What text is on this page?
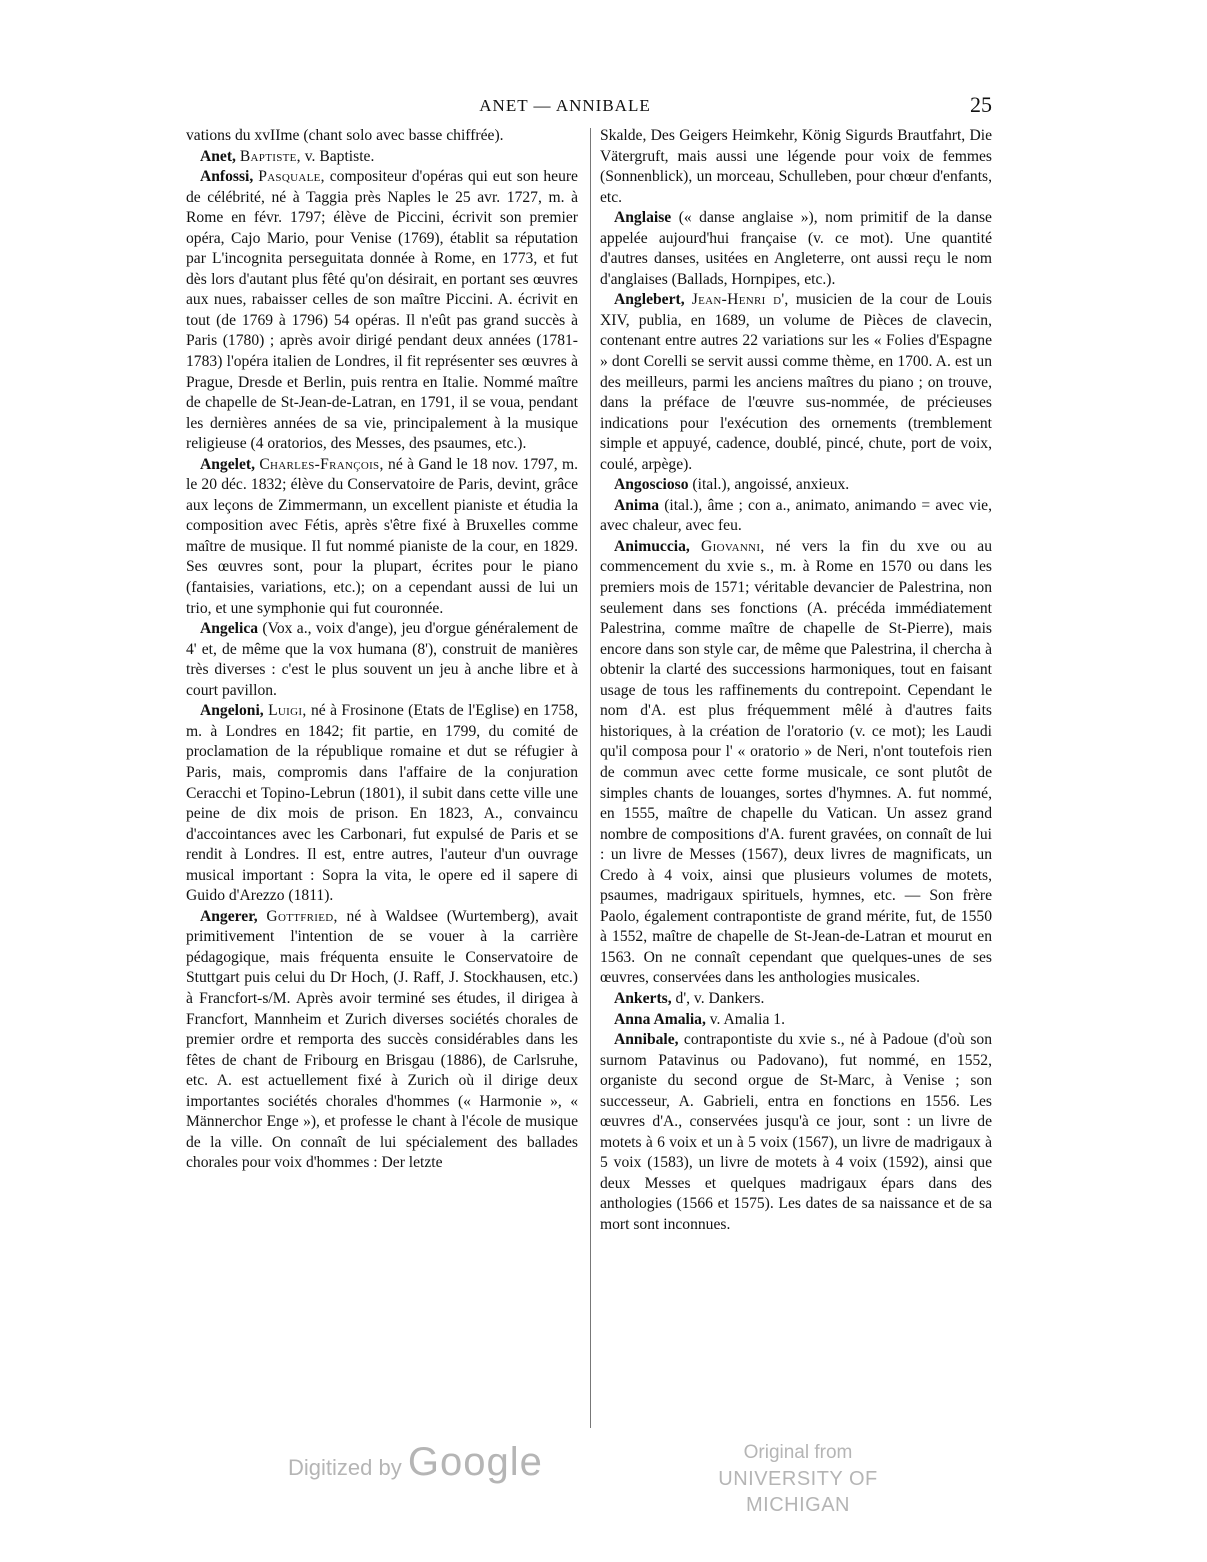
ANET — ANNIBALE	25

vations du xvIIme (chant solo avec basse chiffrée).

Anet, Baptiste, v. Baptiste.

Anfossi, Pasquale, compositeur d'opéras qui eut son heure de célébrité, né à Taggia près Naples le 25 avr. 1727, m. à Rome en févr. 1797; élève de Piccini, écrivit son premier opéra, Cajo Mario, pour Venise (1769), établit sa réputation par L'incognita perseguitata donnée à Rome, en 1773, et fut dès lors d'autant plus fêté qu'on désirait, en portant ses œuvres aux nues, rabaisser celles de son maître Piccini. A. écrivit en tout (de 1769 à 1796) 54 opéras. Il n'eût pas grand succès à Paris (1780) ; après avoir dirigé pendant deux années (1781-1783) l'opéra italien de Londres, il fit représenter ses œuvres à Prague, Dresde et Berlin, puis rentra en Italie. Nommé maître de chapelle de St-Jean-de-Latran, en 1791, il se voua, pendant les dernières années de sa vie, principalement à la musique religieuse (4 oratorios, des Messes, des psaumes, etc.).

Angelet, Charles-François, né à Gand le 18 nov. 1797, m. le 20 déc. 1832; élève du Conservatoire de Paris, devint, grâce aux leçons de Zimmermann, un excellent pianiste et étudia la composition avec Fétis, après s'être fixé à Bruxelles comme maître de musique. Il fut nommé pianiste de la cour, en 1829. Ses œuvres sont, pour la plupart, écrites pour le piano (fantaisies, variations, etc.); on a cependant aussi de lui un trio, et une symphonie qui fut couronnée.

Angelica (Vox a., voix d'ange), jeu d'orgue généralement de 4' et, de même que la vox humana (8'), construit de manières très diverses : c'est le plus souvent un jeu à anche libre et à court pavillon.

Angeloni, Luigi, né à Frosinone (Etats de l'Eglise) en 1758, m. à Londres en 1842; fit partie, en 1799, du comité de proclamation de la république romaine et dut se réfugier à Paris, mais, compromis dans l'affaire de la conjuration Ceracchi et Topino-Lebrun (1801), il subit dans cette ville une peine de dix mois de prison. En 1823, A., convaincu d'accointances avec les Carbonari, fut expulsé de Paris et se rendit à Londres. Il est, entre autres, l'auteur d'un ouvrage musical important : Sopra la vita, le opere ed il sapere di Guido d'Arezzo (1811).

Angerer, Gottfried, né à Waldsee (Wurtemberg), avait primitivement l'intention de se vouer à la carrière pédagogique, mais fréquenta ensuite le Conservatoire de Stuttgart puis celui du Dr Hoch, (J. Raff, J. Stockhausen, etc.) à Francfort-s/M. Après avoir terminé ses études, il dirigea à Francfort, Mannheim et Zurich diverses sociétés chorales de premier ordre et remporta des succès considérables dans les fêtes de chant de Fribourg en Brisgau (1886), de Carlsruhe, etc. A. est actuellement fixé à Zurich où il dirige deux importantes sociétés chorales d'hommes (« Harmonie », « Männerchor Enge »), et professe le chant à l'école de musique de la ville. On connaît de lui spécialement des ballades chorales pour voix d'hommes : Der letzte

Skalde, Des Geigers Heimkehr, König Sigurds Brautfahrt, Die Vätergruft, mais aussi une légende pour voix de femmes (Sonnenblick), un morceau, Schulleben, pour chœur d'enfants, etc.

Anglaise (« danse anglaise »), nom primitif de la danse appelée aujourd'hui française (v. ce mot). Une quantité d'autres danses, usitées en Angleterre, ont aussi reçu le nom d'anglaises (Ballads, Hornpipes, etc.).

Anglebert, Jean-Henri d', musicien de la cour de Louis XIV, publia, en 1689, un volume de Pièces de clavecin, contenant entre autres 22 variations sur les « Folies d'Espagne » dont Corelli se servit aussi comme thème, en 1700. A. est un des meilleurs, parmi les anciens maîtres du piano ; on trouve, dans la préface de l'œuvre sus-nommée, de précieuses indications pour l'exécution des ornements (tremblement simple et appuyé, cadence, doublé, pincé, chute, port de voix, coulé, arpège).

Angoscioso (ital.), angoissé, anxieux.

Anima (ital.), âme ; con a., animato, animando = avec vie, avec chaleur, avec feu.

Animuccia, Giovanni, né vers la fin du xve ou au commencement du xvie s., m. à Rome en 1570 ou dans les premiers mois de 1571; véritable devancier de Palestrina, non seulement dans ses fonctions (A. précéda immédiatement Palestrina, comme maître de chapelle de St-Pierre), mais encore dans son style car, de même que Palestrina, il chercha à obtenir la clarté des successions harmoniques, tout en faisant usage de tous les raffinements du contrepoint. Cependant le nom d'A. est plus fréquemment mêlé à d'autres faits historiques, à la création de l'oratorio (v. ce mot); les Laudi qu'il composa pour l' « oratorio » de Neri, n'ont toutefois rien de commun avec cette forme musicale, ce sont plutôt de simples chants de louanges, sortes d'hymnes. A. fut nommé, en 1555, maître de chapelle du Vatican. Un assez grand nombre de compositions d'A. furent gravées, on connaît de lui : un livre de Messes (1567), deux livres de magnificats, un Credo à 4 voix, ainsi que plusieurs volumes de motets, psaumes, madrigaux spirituels, hymnes, etc. — Son frère Paolo, également contrapontiste de grand mérite, fut, de 1550 à 1552, maître de chapelle de St-Jean-de-Latran et mourut en 1563. On ne connaît cependant que quelques-unes de ses œuvres, conservées dans les anthologies musicales.

Ankerts, d', v. Dankers.

Anna Amalia, v. Amalia 1.

Annibale, contrapontiste du xvie s., né à Padoue (d'où son surnom Patavinus ou Padovano), fut nommé, en 1552, organiste du second orgue de St-Marc, à Venise ; son successeur, A. Gabrieli, entra en fonctions en 1556. Les œuvres d'A., conservées jusqu'à ce jour, sont : un livre de motets à 6 voix et un à 5 voix (1567), un livre de madrigaux à 5 voix (1583), un livre de motets à 4 voix (1592), ainsi que deux Messes et quelques madrigaux épars dans des anthologies (1566 et 1575). Les dates de sa naissance et de sa mort sont inconnues.

Digitized by Google	Original from
UNIVERSITY OF MICHIGAN
